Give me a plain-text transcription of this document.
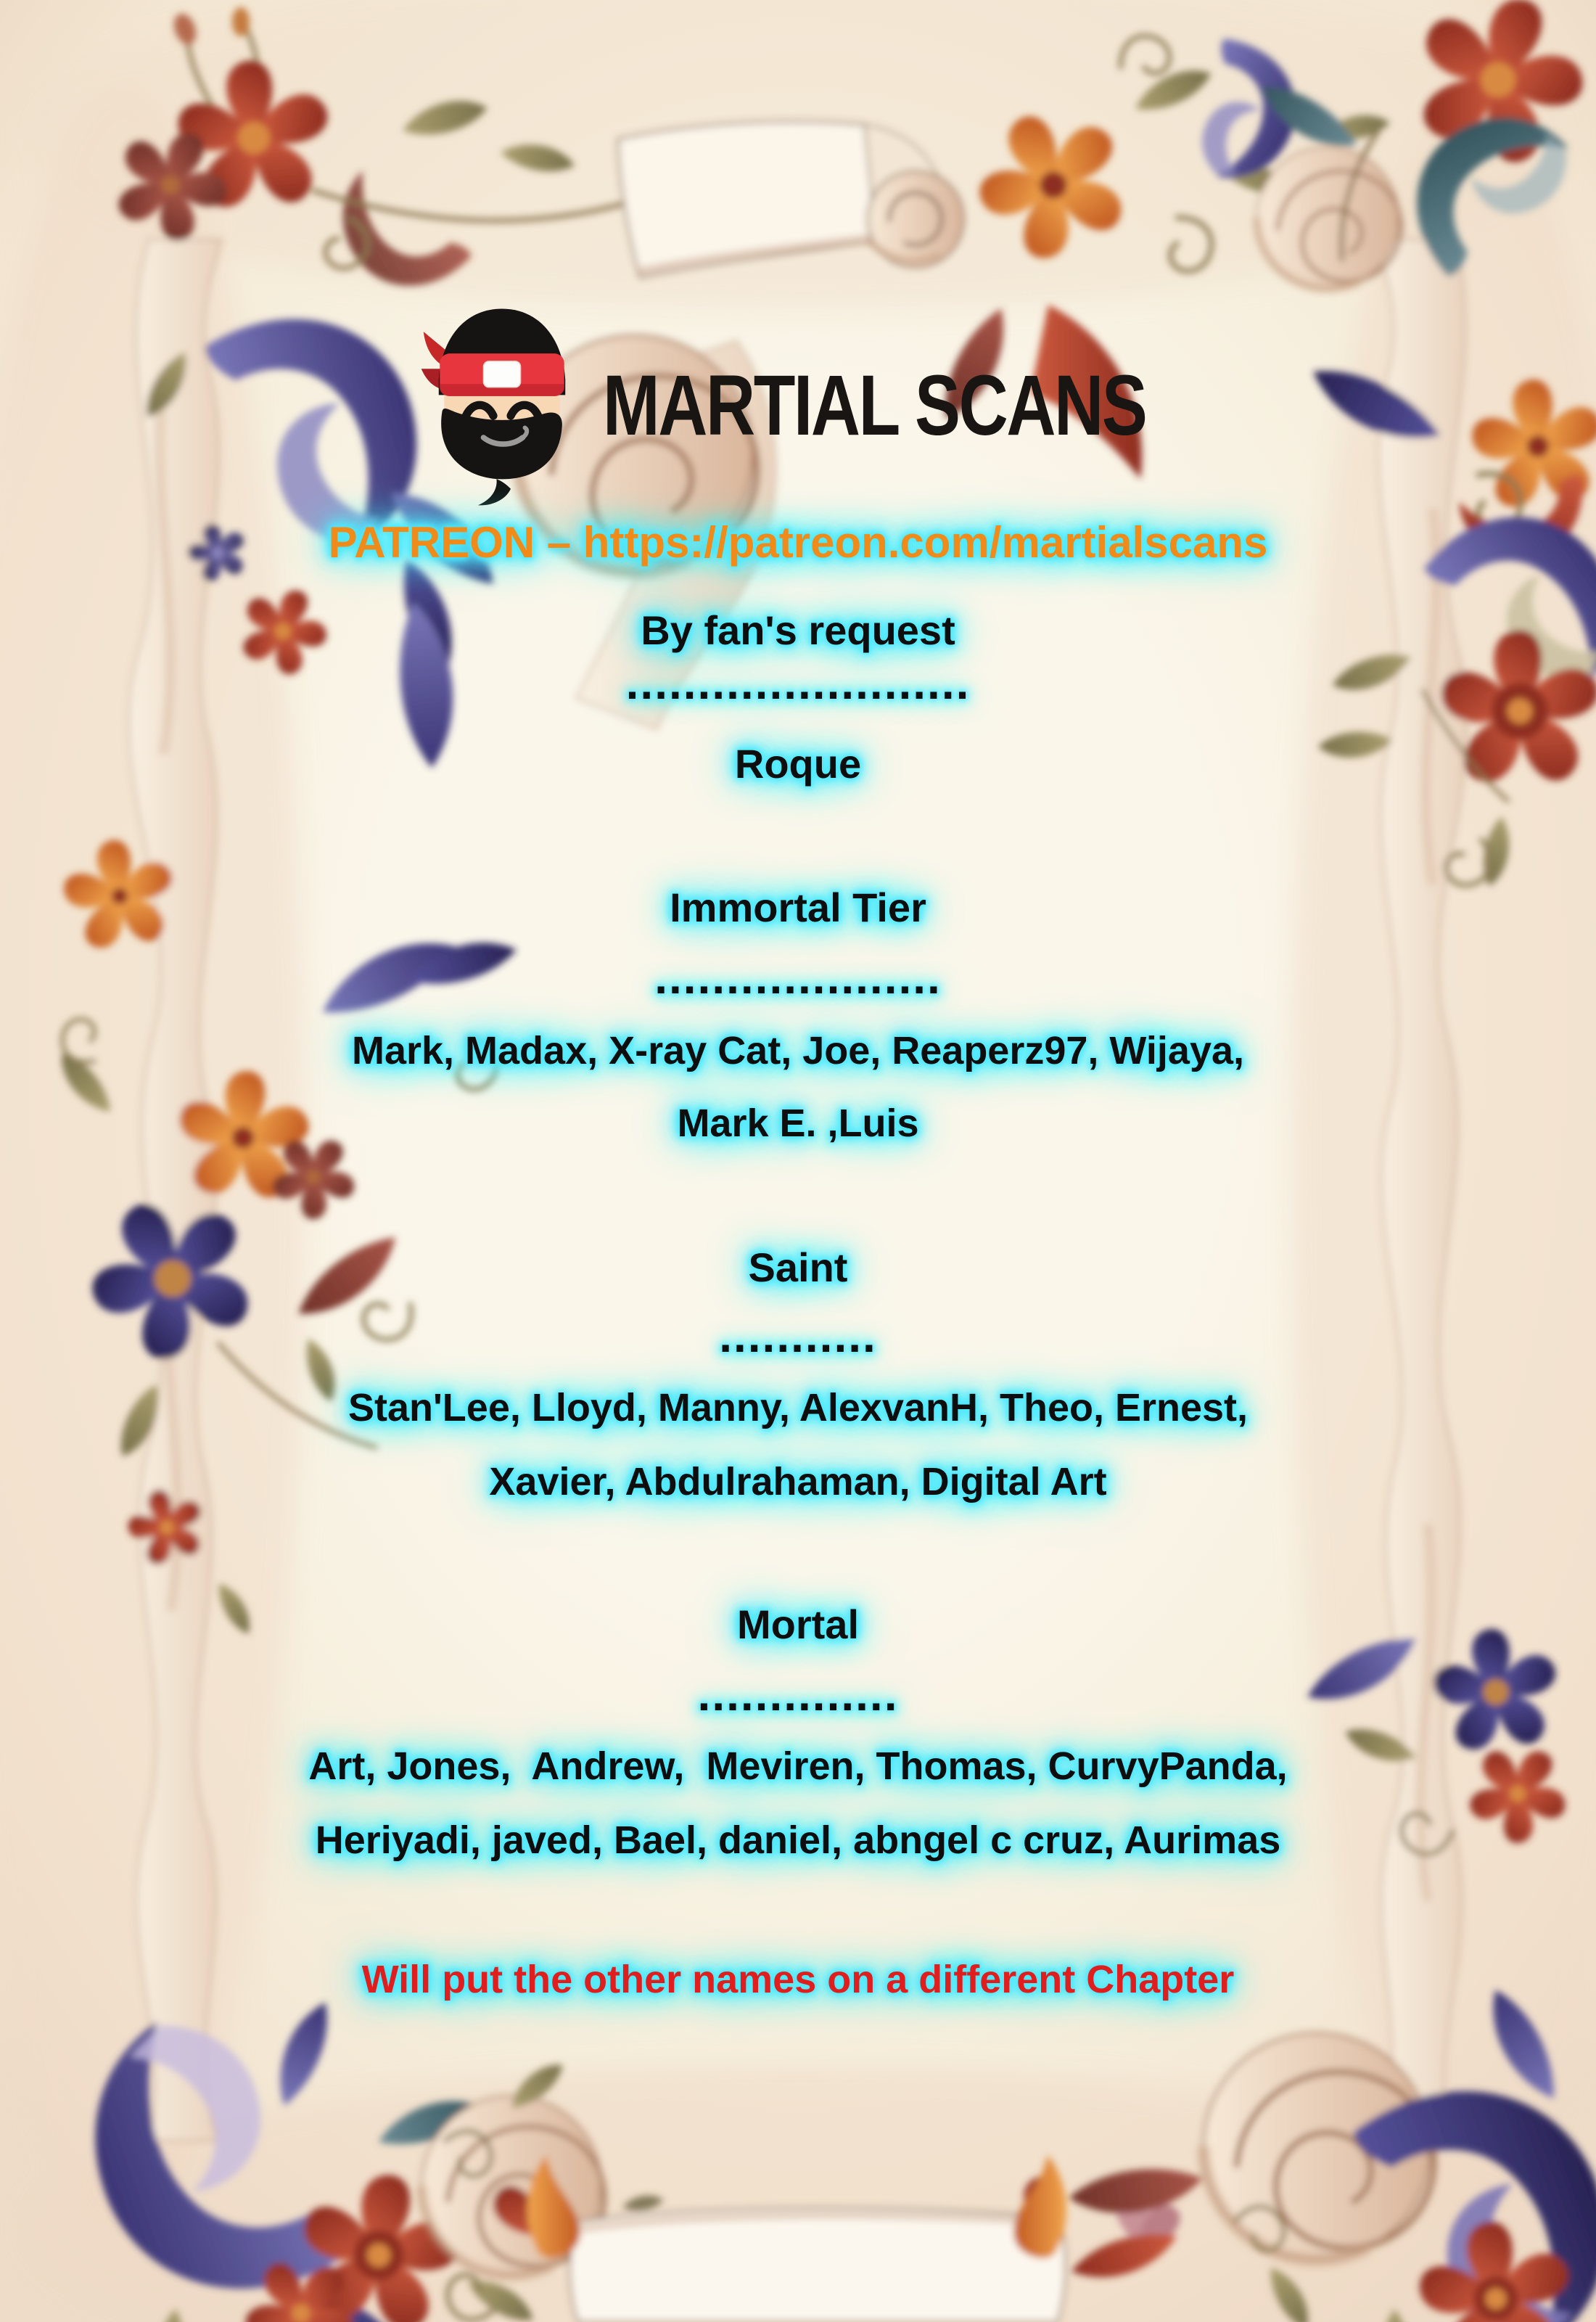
MARTIAL SCANS
PATREON – https://patreon.com/martialscans
By fan's request
........................
Roque
Immortal Tier
....................
Mark, Madax, X-ray Cat, Joe, Reaperz97, Wijaya,
Mark E. ,Luis
Saint
...........
Stan'Lee, Lloyd, Manny, AlexvanH, Theo, Ernest,
Xavier, Abdulrahaman, Digital Art
Mortal
..............
Art, Jones,  Andrew,  Meviren, Thomas, CurvyPanda,
Heriyadi, javed, Bael, daniel, abngel c cruz, Aurimas
Will put the other names on a different Chapter
